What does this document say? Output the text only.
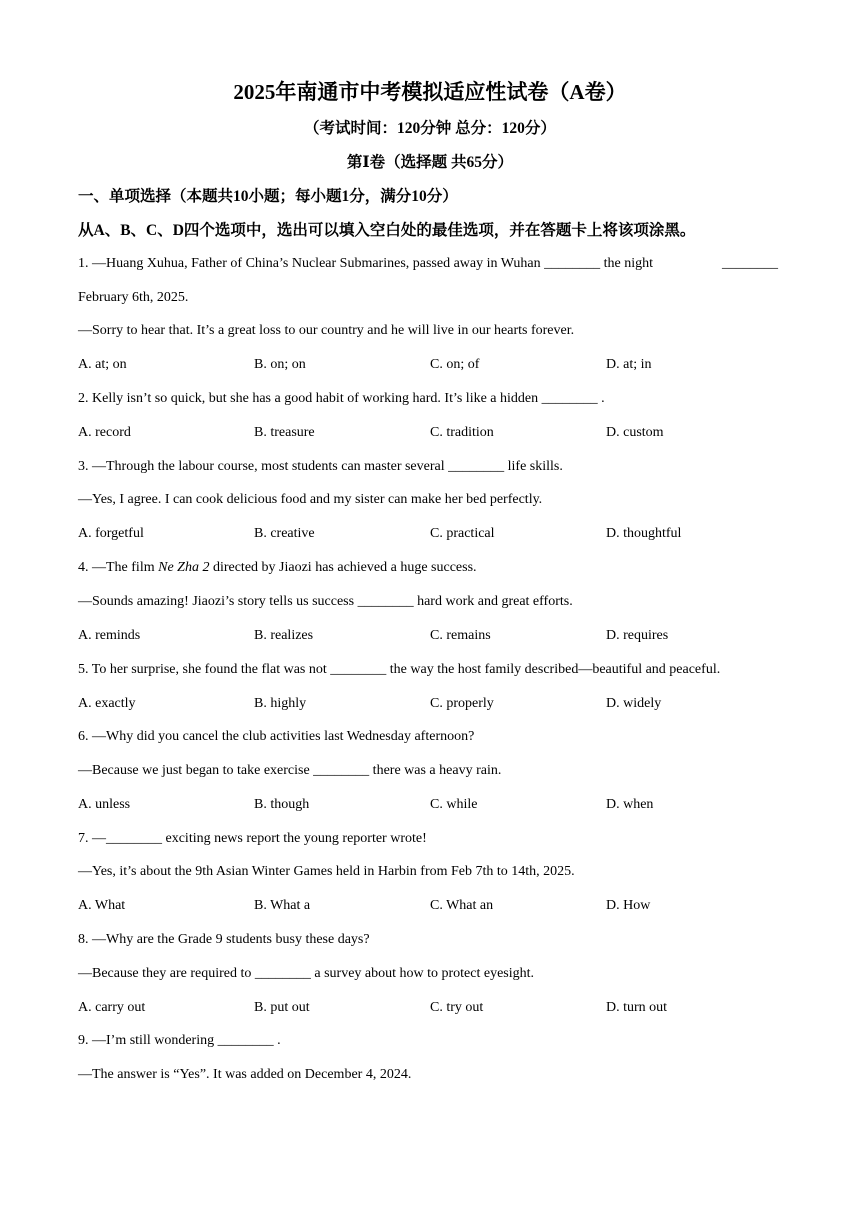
2025年南通市中考模拟适应性试卷（A卷）
（考试时间：120分钟 总分：120分）
第Ⅰ卷（选择题 共65分）
一、单项选择（本题共10小题；每小题1分，满分10分）
从A、B、C、D四个选项中，选出可以填入空白处的最佳选项，并在答题卡上将该项涂黑。
1. —Huang Xuhua, Father of China’s Nuclear Submarines, passed away in Wuhan ________ the night	________
February 6th, 2025.
—Sorry to hear that. It’s a great loss to our country and he will live in our hearts forever.
A. at; on	B. on; on	C. on; of	D. at; in
2. Kelly isn’t so quick, but she has a good habit of working hard. It’s like a hidden ________ .
A. record	B. treasure	C. tradition	D. custom
3. —Through the labour course, most students can master several ________ life skills.
—Yes, I agree. I can cook delicious food and my sister can make her bed perfectly.
A. forgetful	B. creative	C. practical	D. thoughtful
4. —The film Ne Zha 2 directed by Jiaozi has achieved a huge success.
—Sounds amazing! Jiaozi’s story tells us success ________ hard work and great efforts.
A. reminds	B. realizes	C. remains	D. requires
5. To her surprise, she found the flat was not ________ the way the host family described—beautiful and peaceful.
A. exactly	B. highly	C. properly	D. widely
6. —Why did you cancel the club activities last Wednesday afternoon?
—Because we just began to take exercise ________ there was a heavy rain.
A. unless	B. though	C. while	D. when
7. —________ exciting news report the young reporter wrote!
—Yes, it’s about the 9th Asian Winter Games held in Harbin from Feb 7th to 14th, 2025.
A. What	B. What a	C. What an	D. How
8. —Why are the Grade 9 students busy these days?
—Because they are required to ________ a survey about how to protect eyesight.
A. carry out	B. put out	C. try out	D. turn out
9. —I’m still wondering ________ .
—The answer is “Yes”. It was added on December 4, 2024.
